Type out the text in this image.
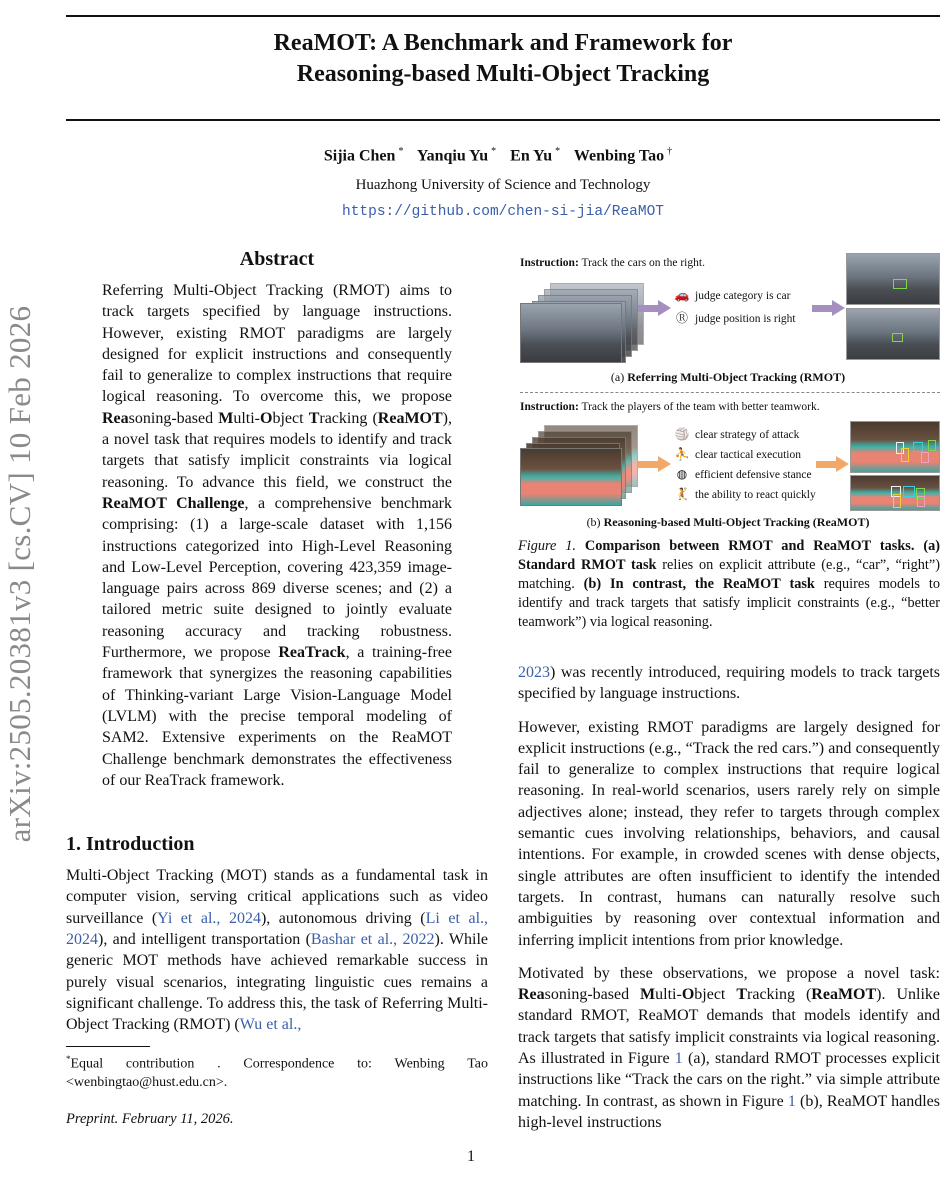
ReaMOT: A Benchmark and Framework for
Reasoning-based Multi-Object Tracking
Sijia Chen * Yanqiu Yu * En Yu * Wenbing Tao †
Huazhong University of Science and Technology
https://github.com/chen-si-jia/ReaMOT
arXiv:2505.20381v3 [cs.CV] 10 Feb 2026
Abstract

Referring Multi-Object Tracking (RMOT) aims to track targets specified by language instructions. However, existing RMOT paradigms are largely designed for explicit instructions and consequently fail to generalize to complex instructions that require logical reasoning. To overcome this, we propose Reasoning-based Multi-Object Tracking (ReaMOT), a novel task that requires models to identify and track targets that satisfy implicit constraints via logical reasoning. To advance this field, we construct the ReaMOT Challenge, a comprehensive benchmark comprising: (1) a large-scale dataset with 1,156 instructions categorized into High-Level Reasoning and Low-Level Perception, covering 423,359 image-language pairs across 869 diverse scenes; and (2) a tailored metric suite designed to jointly evaluate reasoning accuracy and tracking robustness. Furthermore, we propose ReaTrack, a training-free framework that synergizes the reasoning capabilities of Thinking-variant Large Vision-Language Model (LVLM) with the precise temporal modeling of SAM2. Extensive experiments on the ReaMOT Challenge benchmark demonstrates the effectiveness of our ReaTrack framework.

1. Introduction

Multi-Object Tracking (MOT) stands as a fundamental task in computer vision, serving critical applications such as video surveillance (Yi et al., 2024), autonomous driving (Li et al., 2024), and intelligent transportation (Bashar et al., 2022). While generic MOT methods have achieved remarkable success in purely visual scenarios, integrating linguistic cues remains a significant challenge. To address this, the task of Referring Multi-Object Tracking (RMOT) (Wu et al.,

*Equal contribution . Correspondence to: Wenbing Tao <wenbingtao@hust.edu.cn>.
Preprint. February 11, 2026.
Instruction: Track the cars on the right.
🚗 judge category is car
Ⓡ judge position is right
(a) Referring Multi-Object Tracking (RMOT)
Instruction: Track the players of the team with better teamwork.
🏐 clear strategy of attack
⛹ clear tactical execution
◍ efficient defensive stance
🤾 the ability to react quickly
(b) Reasoning-based Multi-Object Tracking (ReaMOT)
Figure 1. Comparison between RMOT and ReaMOT tasks. (a) Standard RMOT task relies on explicit attribute (e.g., “car”, “right”) matching. (b) In contrast, the ReaMOT task requires models to identify and track targets that satisfy implicit constraints (e.g., “better teamwork”) via logical reasoning.

2023) was recently introduced, requiring models to track targets specified by language instructions.

However, existing RMOT paradigms are largely designed for explicit instructions (e.g., “Track the red cars.”) and consequently fail to generalize to complex instructions that require logical reasoning. In real-world scenarios, users rarely rely on simple adjectives alone; instead, they refer to targets through complex semantic cues involving relationships, behaviors, and causal intentions. For example, in crowded scenes with dense objects, single attributes are often insufficient to identify the intended targets. In contrast, humans can naturally resolve such ambiguities by reasoning over contextual information and inferring implicit intentions from prior knowledge.

Motivated by these observations, we propose a novel task: Reasoning-based Multi-Object Tracking (ReaMOT). Unlike standard RMOT, ReaMOT demands that models identify and track targets that satisfy implicit constraints via logical reasoning. As illustrated in Figure 1 (a), standard RMOT processes explicit instructions like “Track the cars on the right.” via simple attribute matching. In contrast, as shown in Figure 1 (b), ReaMOT handles high-level instructions

1
